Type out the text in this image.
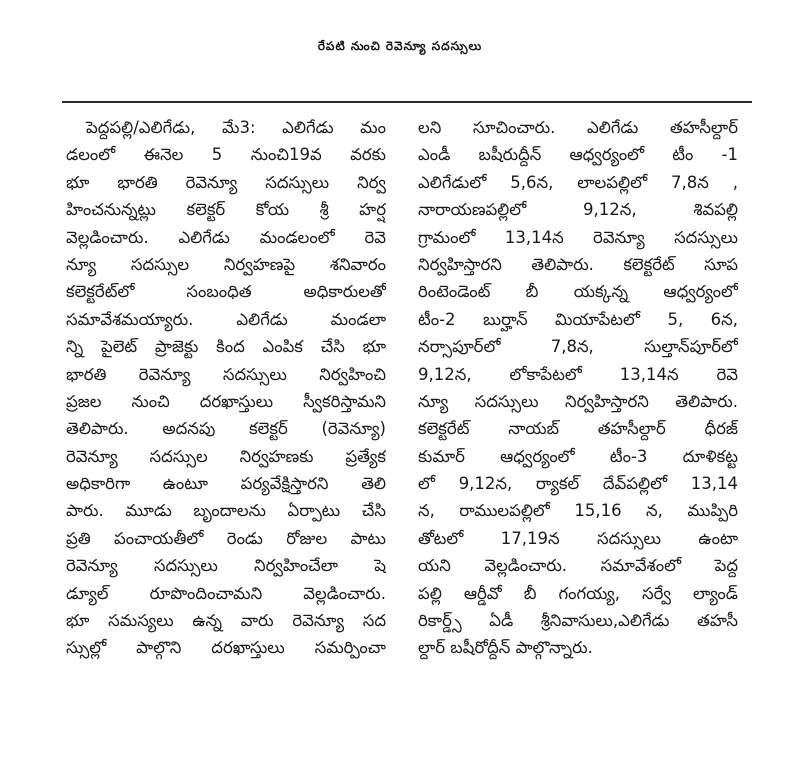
రేపటి నుంచి రెవెన్యూ సదస్సులు
పెద్దపల్లి/ఎలిగేడు, మే3: ఎలిగేడు మం
డలంలో ఈనెల 5 నుంచి19వ వరకు
భూ భారతి రెవెన్యూ సదస్సులు నిర్వ
హించనున్నట్లు కలెక్టర్ కోయ శ్రీ హర్ష
వెల్లడించారు. ఎలిగేడు మండలంలో రెవె
న్యూ సదస్సుల నిర్వహణపై శనివారం
కలెక్టరేట్‌లో సంబంధిత అధికారులతో
సమావేశమయ్యారు. ఎలిగేడు మండలా
న్ని పైలెట్ ప్రాజెక్టు కింద ఎంపిక చేసి భూ
భారతి రెవెన్యూ సదస్సులు నిర్వహించి
ప్రజల నుంచి దరఖాస్తులు స్వీకరిస్తామని
తెలిపారు. అదనపు కలెక్టర్ (రెవెన్యూ)
రెవెన్యూ సదస్సుల నిర్వహణకు ప్రత్యేక
అధికారిగా ఉంటూ పర్యవేక్షిస్తారని తెలి
పారు. మూడు బృందాలను ఏర్పాటు చేసి
ప్రతి పంచాయతీలో రెండు రోజుల పాటు
రెవెన్యూ సదస్సులు నిర్వహించేలా షె
డ్యూల్ రూపొందించామని వెల్లడించారు.
భూ సమస్యలు ఉన్న వారు రెవెన్యూ సద
స్సుల్లో పాల్గొని దరఖాస్తులు సమర్పించా
లని సూచించారు. ఎలిగేడు తహసీల్దార్
ఎండీ బషీరుద్దీన్ ఆధ్వర్యంలో టీం -1
ఎలిగేడులో 5,6న, లాలపల్లిలో 7,8న ,
నారాయణపల్లిలో 9,12న, శివపల్లి
గ్రామంలో 13,14న రెవెన్యూ సదస్సులు
నిర్వహిస్తారని తెలిపారు. కలెక్టరేట్ సూప
రింటెండెంట్ బీ యక్కన్న ఆధ్వర్యంలో
టీం-2 బుర్హాన్ మియాపేటలో 5, 6న,
నర్సాపూర్‌లో 7,8న, సుల్తాన్‌పూర్‌లో
9,12న, లోకాపేటలో 13,14న రెవె
న్యూ సదస్సులు నిర్వహిస్తారని తెలిపారు.
కలెక్టరేట్ నాయబ్ తహసీల్దార్ ధీరజ్
కుమార్ ఆధ్వర్యంలో టీం-3 దూళికట్ట
లో 9,12న, ర్యాకల్ దేవ్‌పల్లిలో 13,14
న, రాములపల్లిలో 15,16 న, ముప్పిరి
తోటలో 17,19న సదస్సులు ఉంటా
యని వెల్లడించారు. సమావేశంలో పెద్ద
పల్లి ఆర్డీవో బీ గంగయ్య, సర్వే ల్యాండ్
రికార్డ్స్ ఏడీ శ్రీనివాసులు,ఎలిగేడు తహసీ
ల్దార్ బషీరోద్దీన్ పాల్గొన్నారు.
